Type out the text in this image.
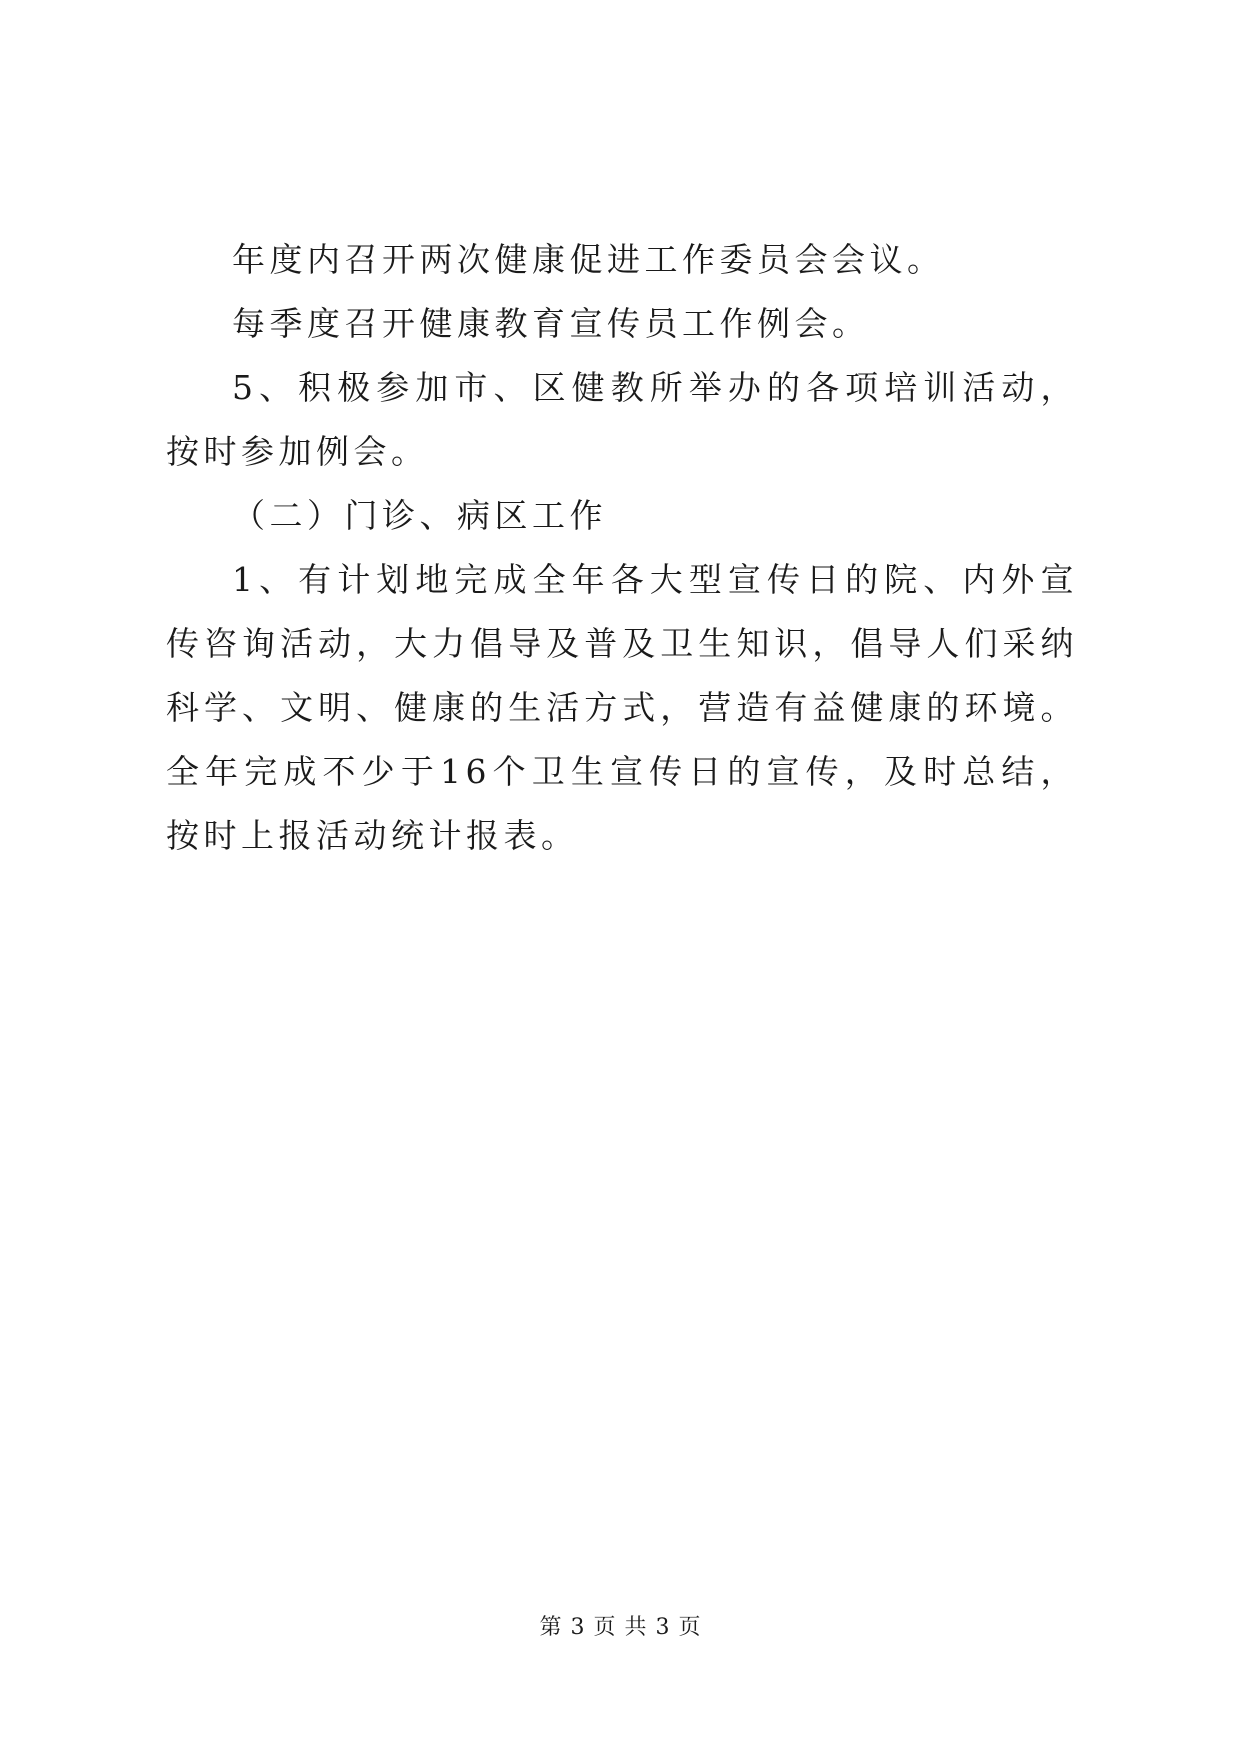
年度内召开两次健康促进工作委员会会议。

每季度召开健康教育宣传员工作例会。

5、积极参加市、区健教所举办的各项培训活动，按时参加例会。

（二）门诊、病区工作

1、有计划地完成全年各大型宣传日的院、内外宣传咨询活动，大力倡导及普及卫生知识，倡导人们采纳科学、文明、健康的生活方式，营造有益健康的环境。全年完成不少于16个卫生宣传日的宣传，及时总结，按时上报活动统计报表。

第 3 页 共 3 页
